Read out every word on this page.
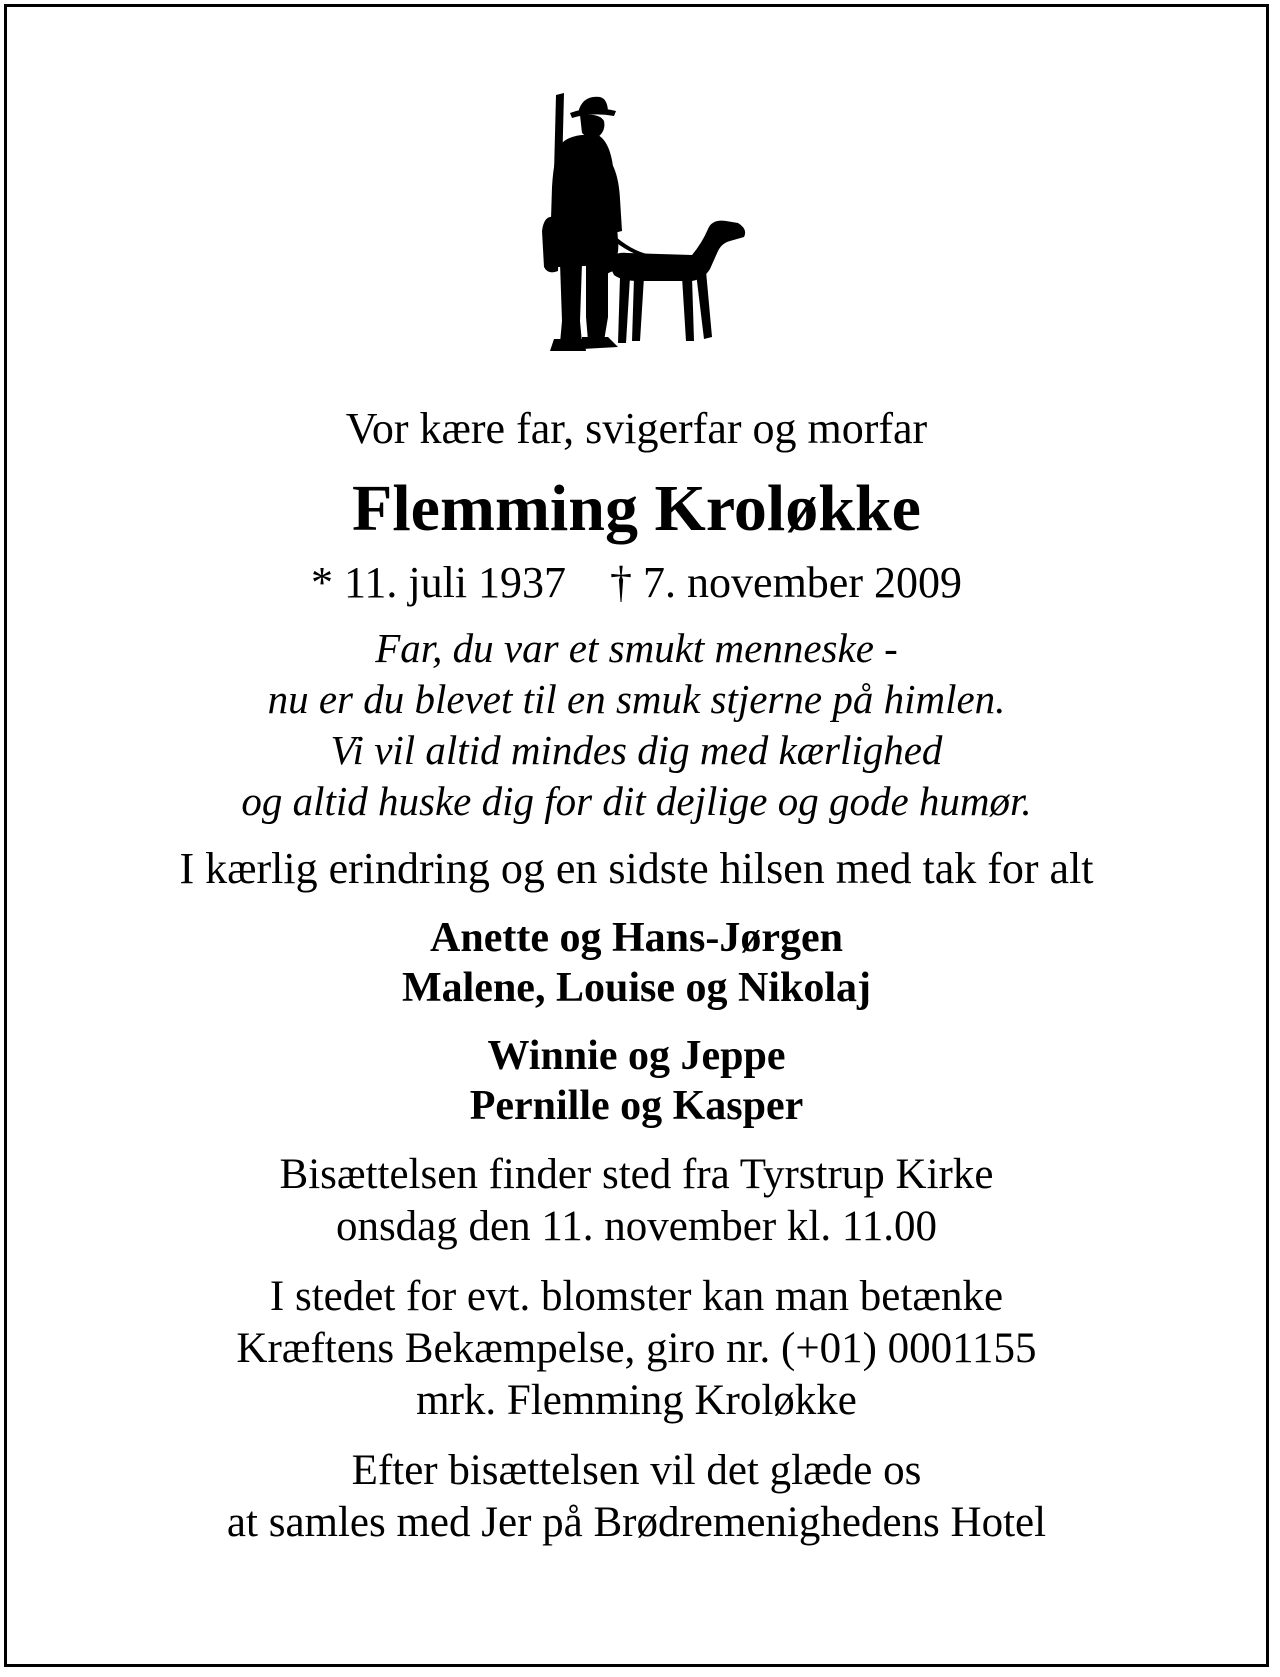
Vor kære far, svigerfar og morfar
Flemming Kroløkke
* 11. juli 1937 † 7. november 2009
Far, du var et smukt menneske -
nu er du blevet til en smuk stjerne på himlen.
Vi vil altid mindes dig med kærlighed
og altid huske dig for dit dejlige og gode humør.
I kærlig erindring og en sidste hilsen med tak for alt
Anette og Hans-Jørgen
Malene, Louise og Nikolaj
Winnie og Jeppe
Pernille og Kasper
Bisættelsen finder sted fra Tyrstrup Kirke
onsdag den 11. november kl. 11.00
I stedet for evt. blomster kan man betænke
Kræftens Bekæmpelse, giro nr. (+01) 0001155
mrk. Flemming Kroløkke
Efter bisættelsen vil det glæde os
at samles med Jer på Brødremenighedens Hotel
